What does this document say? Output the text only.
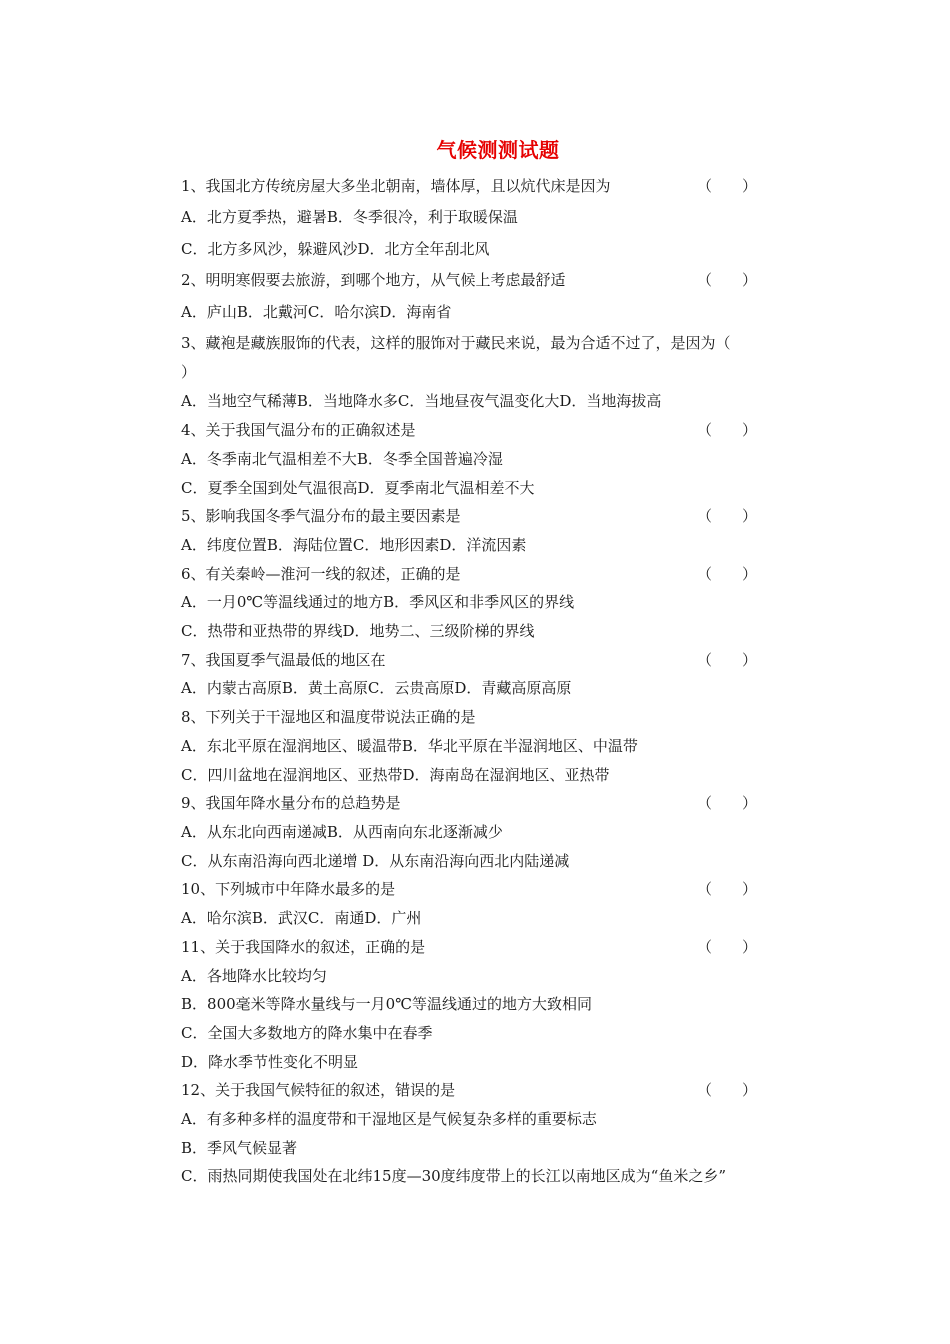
气候测测试题
1、我国北方传统房屋大多坐北朝南，墙体厚，且以炕代床是因为	（　　）
A．北方夏季热，避暑B．冬季很冷，利于取暖保温
C．北方多风沙，躲避风沙D．北方全年刮北风
2、明明寒假要去旅游，到哪个地方，从气候上考虑最舒适	（　　）
A．庐山B．北戴河C．哈尔滨D．海南省
3、藏袍是藏族服饰的代表，这样的服饰对于藏民来说，最为合适不过了，是因为（
）
A．当地空气稀薄B．当地降水多C．当地昼夜气温变化大D．当地海拔高
4、关于我国气温分布的正确叙述是	（　　）
A．冬季南北气温相差不大B．冬季全国普遍冷湿
C．夏季全国到处气温很高D．夏季南北气温相差不大
5、影响我国冬季气温分布的最主要因素是	（　　）
A．纬度位置B．海陆位置C．地形因素D．洋流因素
6、有关秦岭—淮河一线的叙述，正确的是	（　　）
A．一月0℃等温线通过的地方B．季风区和非季风区的界线
C．热带和亚热带的界线D．地势二、三级阶梯的界线
7、我国夏季气温最低的地区在	（　　）
A．内蒙古高原B．黄土高原C．云贵高原D．青藏高原高原
8、下列关于干湿地区和温度带说法正确的是
A．东北平原在湿润地区、暖温带B．华北平原在半湿润地区、中温带
C．四川盆地在湿润地区、亚热带D．海南岛在湿润地区、亚热带
9、我国年降水量分布的总趋势是	（　　）
A．从东北向西南递减B．从西南向东北逐渐减少
C．从东南沿海向西北递增 D．从东南沿海向西北内陆递减
10、下列城市中年降水最多的是	（　　）
A．哈尔滨B．武汉C．南通D．广州
11、关于我国降水的叙述，正确的是	（　　）
A．各地降水比较均匀
B．800毫米等降水量线与一月0℃等温线通过的地方大致相同
C．全国大多数地方的降水集中在春季
D．降水季节性变化不明显
12、关于我国气候特征的叙述，错误的是	（　　）
A．有多种多样的温度带和干湿地区是气候复杂多样的重要标志
B．季风气候显著
C．雨热同期使我国处在北纬15度—30度纬度带上的长江以南地区成为“鱼米之乡”
